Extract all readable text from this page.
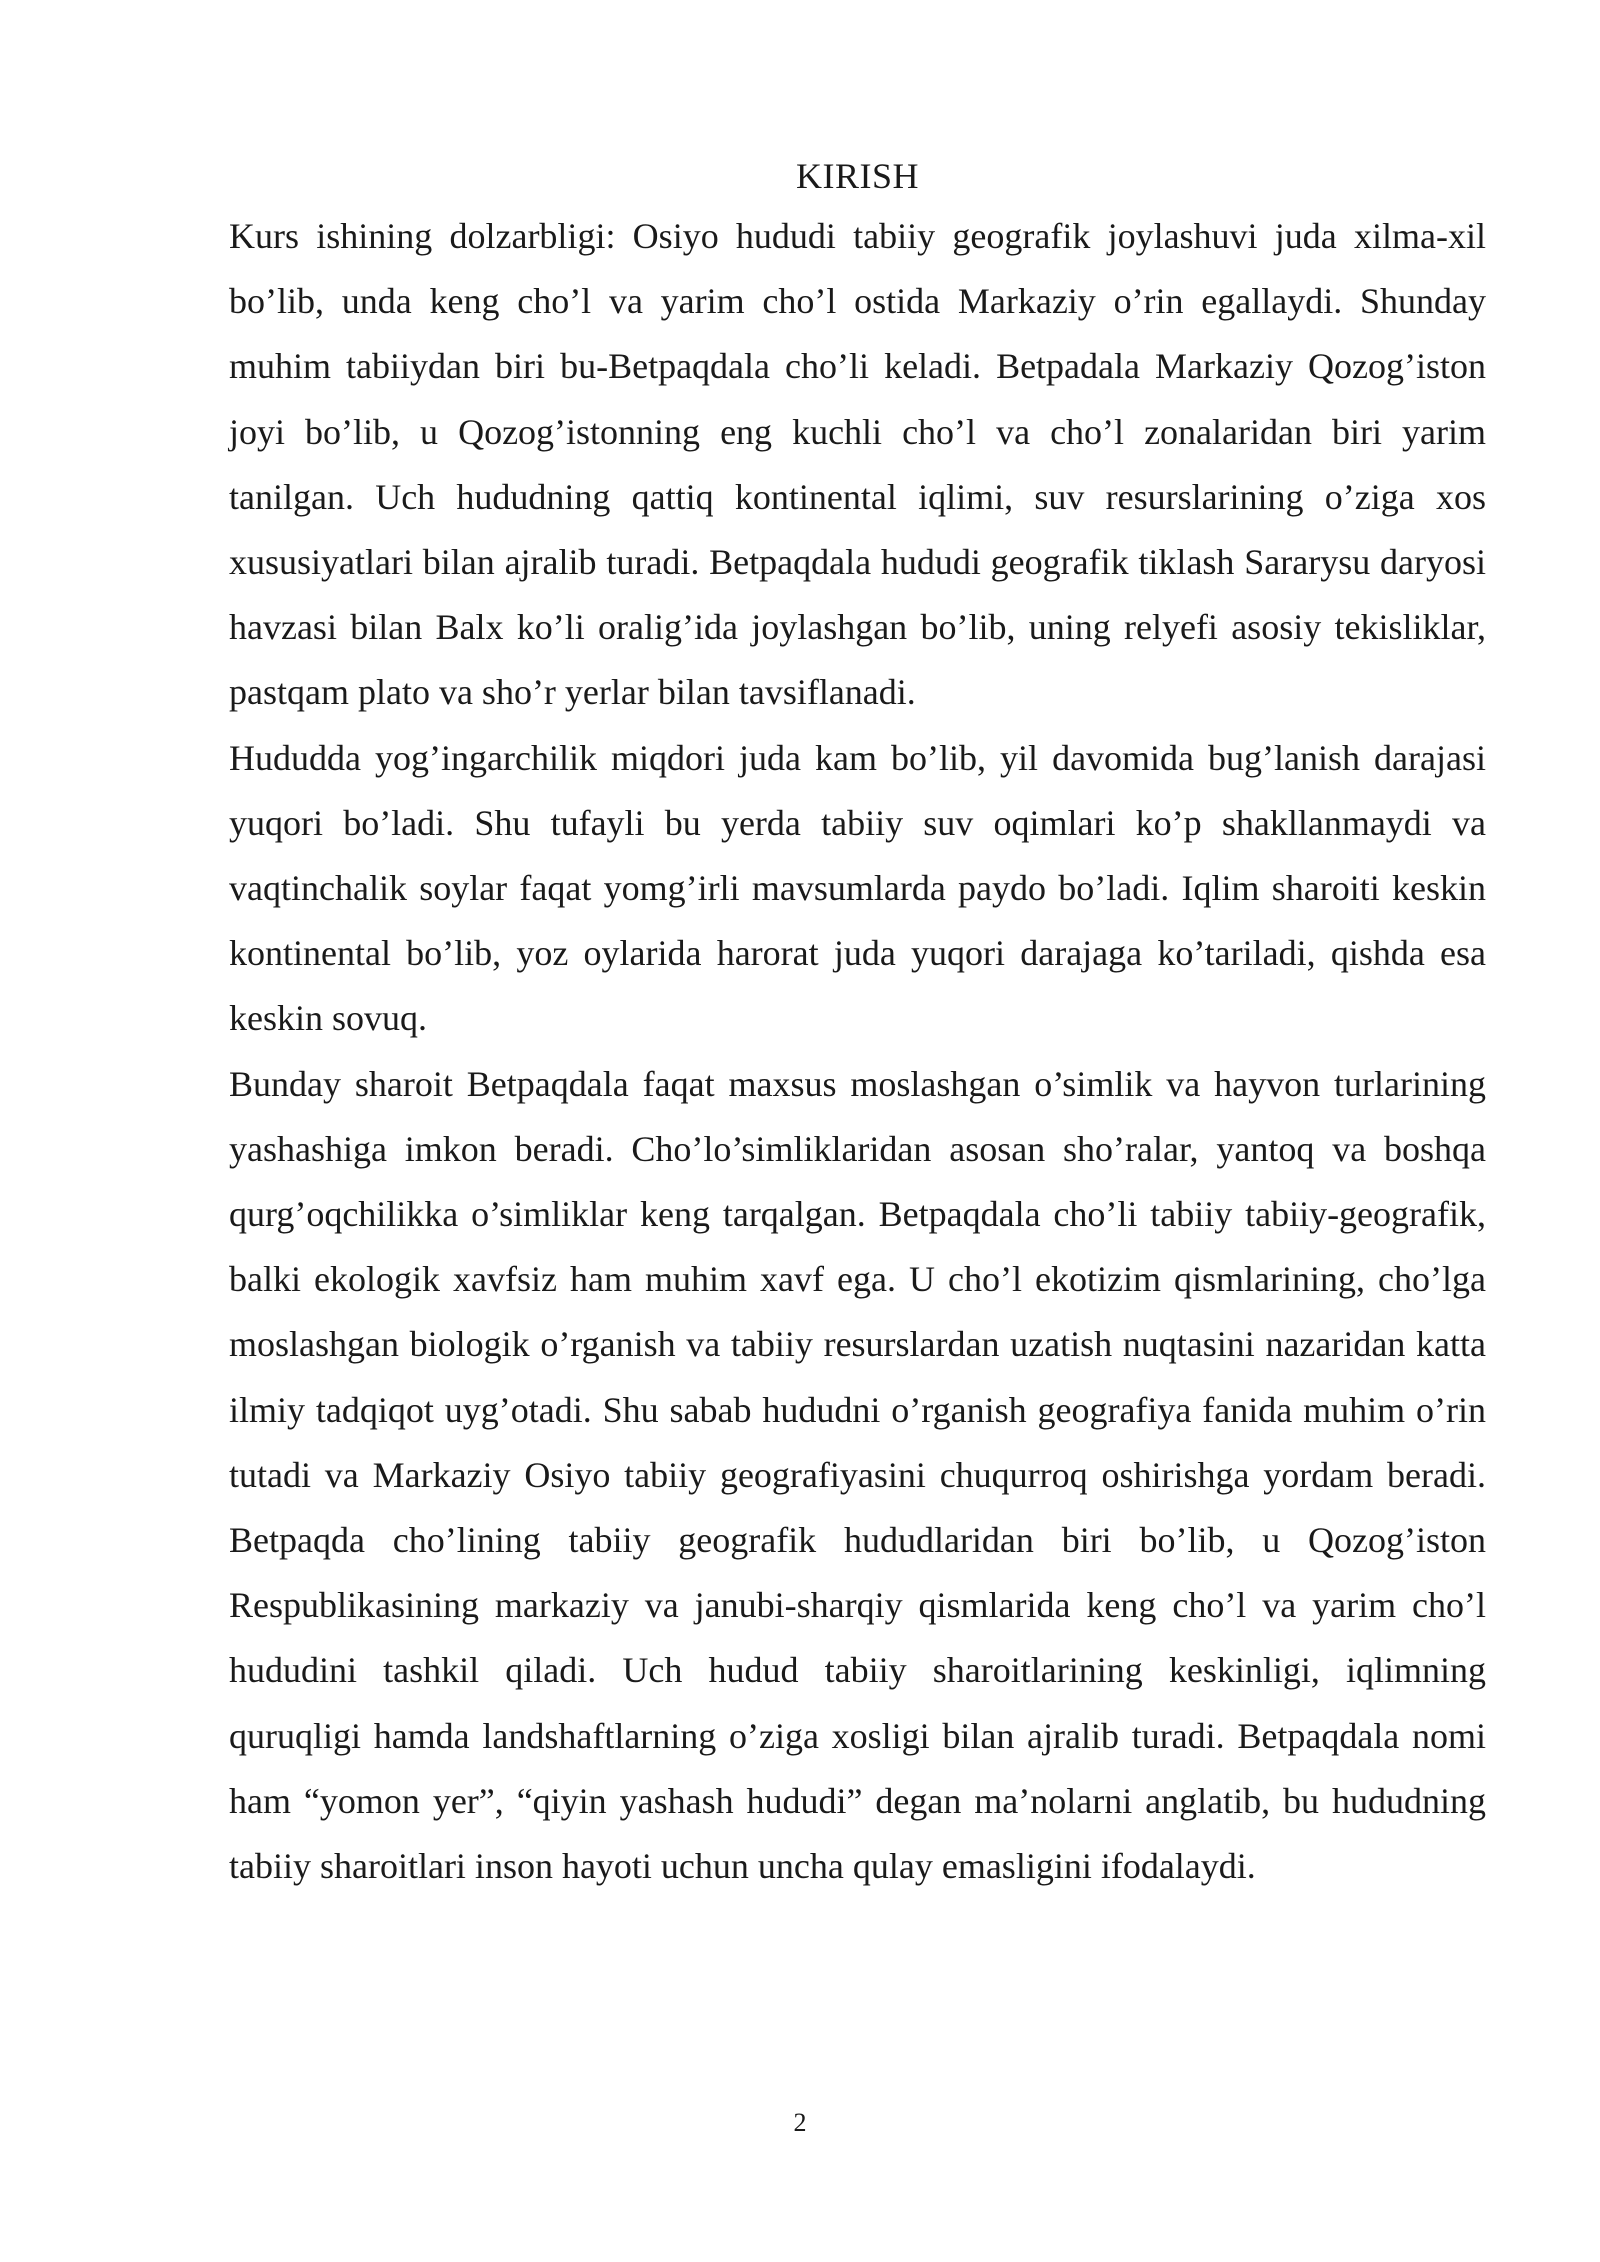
KIRISH

Kurs ishining dolzarbligi: Osiyo hududi tabiiy geografik joylashuvi juda xilma-xil bo’lib, unda keng cho’l va yarim cho’l ostida Markaziy o’rin egallaydi. Shunday muhim tabiiydan biri bu-Betpaqdala cho’li keladi. Betpadala Markaziy Qozog’iston joyi bo’lib, u Qozog’istonning eng kuchli cho’l va cho’l zonalaridan biri yarim tanilgan. Uch hududning qattiq kontinental iqlimi, suv resurslarining o’ziga xos xususiyatlari bilan ajralib turadi. Betpaqdala hududi geografik tiklash Sararysu daryosi havzasi bilan Balx ko’li oralig’ida joylashgan bo’lib, uning relyefi asosiy tekisliklar, pastqam plato va sho’r yerlar bilan tavsiflanadi.

Hududda yog’ingarchilik miqdori juda kam bo’lib, yil davomida bug’lanish darajasi yuqori bo’ladi. Shu tufayli bu yerda tabiiy suv oqimlari ko’p shakllanmaydi va vaqtinchalik soylar faqat yomg’irli mavsumlarda paydo bo’ladi. Iqlim sharoiti keskin kontinental bo’lib, yoz oylarida harorat juda yuqori darajaga ko’tariladi, qishda esa keskin sovuq.

Bunday sharoit Betpaqdala faqat maxsus moslashgan o’simlik va hayvon turlarining yashashiga imkon beradi. Cho’lo’simliklaridan asosan sho’ralar, yantoq va boshqa qurg’oqchilikka o’simliklar keng tarqalgan. Betpaqdala cho’li tabiiy tabiiy-geografik, balki ekologik xavfsiz ham muhim xavf ega. U cho’l ekotizim qismlarining, cho’lga moslashgan biologik o’rganish va tabiiy resurslardan uzatish nuqtasini nazaridan katta ilmiy tadqiqot uyg’otadi. Shu sabab hududni o’rganish geografiya fanida muhim o’rin tutadi va Markaziy Osiyo tabiiy geografiyasini chuqurroq oshirishga yordam beradi. Betpaqda cho’lining tabiiy geografik hududlaridan biri bo’lib, u Qozog’iston Respublikasining markaziy va janubi-sharqiy qismlarida keng cho’l va yarim cho’l hududini tashkil qiladi. Uch hudud tabiiy sharoitlarining keskinligi, iqlimning quruqligi hamda landshaftlarning o’ziga xosligi bilan ajralib turadi. Betpaqdala nomi ham “yomon yer”, “qiyin yashash hududi” degan ma’nolarni anglatib, bu hududning tabiiy sharoitlari inson hayoti uchun uncha qulay emasligini ifodalaydi.

2
